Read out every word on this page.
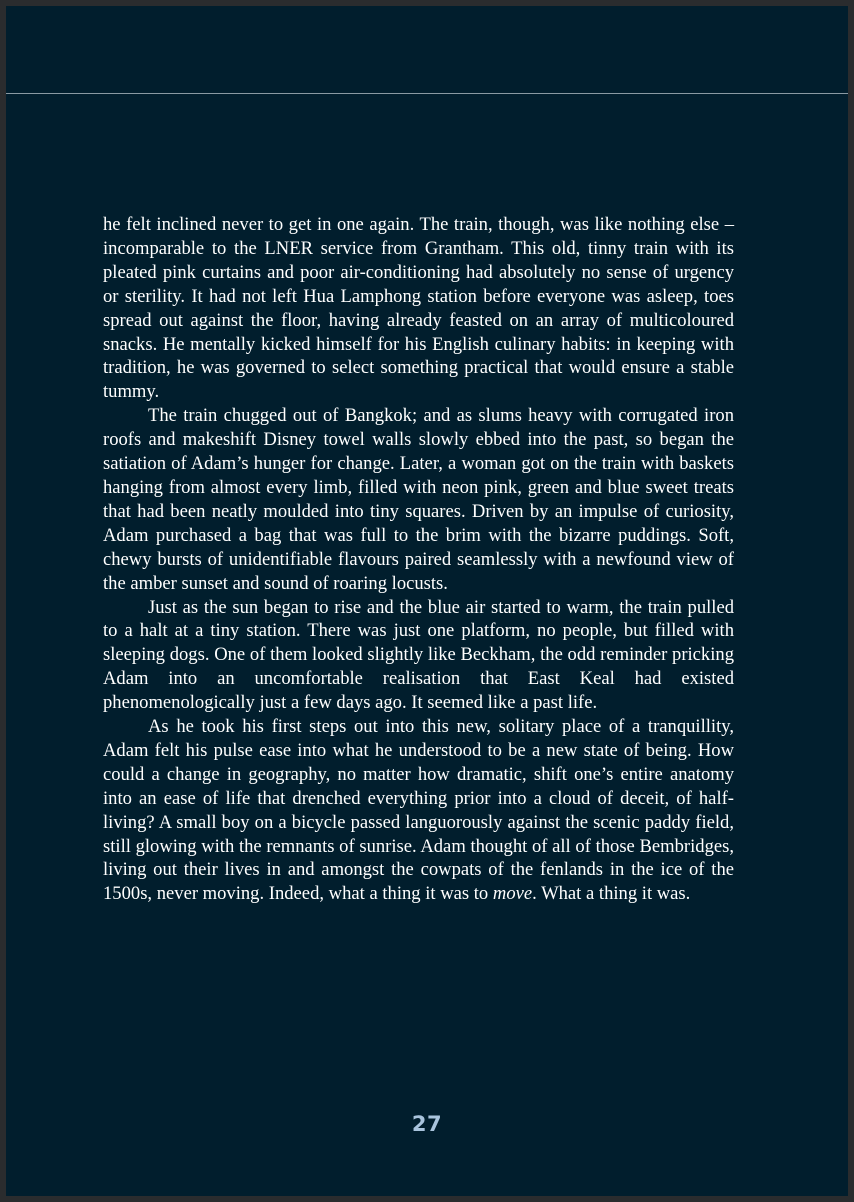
he felt inclined never to get in one again. The train, though, was like nothing else – incomparable to the LNER service from Grantham. This old, tinny train with its pleated pink curtains and poor air-conditioning had absolutely no sense of urgency or sterility. It had not left Hua Lamphong station before everyone was asleep, toes spread out against the floor, having already feasted on an array of multicoloured snacks. He mentally kicked himself for his English culinary habits: in keeping with tradition, he was governed to select something practical that would ensure a stable tummy.

The train chugged out of Bangkok; and as slums heavy with corrugated iron roofs and makeshift Disney towel walls slowly ebbed into the past, so began the satiation of Adam’s hunger for change. Later, a woman got on the train with baskets hanging from almost every limb, filled with neon pink, green and blue sweet treats that had been neatly moulded into tiny squares. Driven by an impulse of curiosity, Adam purchased a bag that was full to the brim with the bizarre puddings. Soft, chewy bursts of unidentifiable flavours paired seamlessly with a newfound view of the amber sunset and sound of roaring locusts.

Just as the sun began to rise and the blue air started to warm, the train pulled to a halt at a tiny station. There was just one platform, no people, but filled with sleeping dogs. One of them looked slightly like Beckham, the odd reminder pricking Adam into an uncomfortable realisation that East Keal had existed phenomenologically just a few days ago. It seemed like a past life.

As he took his first steps out into this new, solitary place of a tranquillity, Adam felt his pulse ease into what he understood to be a new state of being. How could a change in geography, no matter how dramatic, shift one’s entire anatomy into an ease of life that drenched everything prior into a cloud of deceit, of half-living? A small boy on a bicycle passed languorously against the scenic paddy field, still glowing with the remnants of sunrise. Adam thought of all of those Bembridges, living out their lives in and amongst the cowpats of the fenlands in the ice of the 1500s, never moving. Indeed, what a thing it was to move. What a thing it was.

27
